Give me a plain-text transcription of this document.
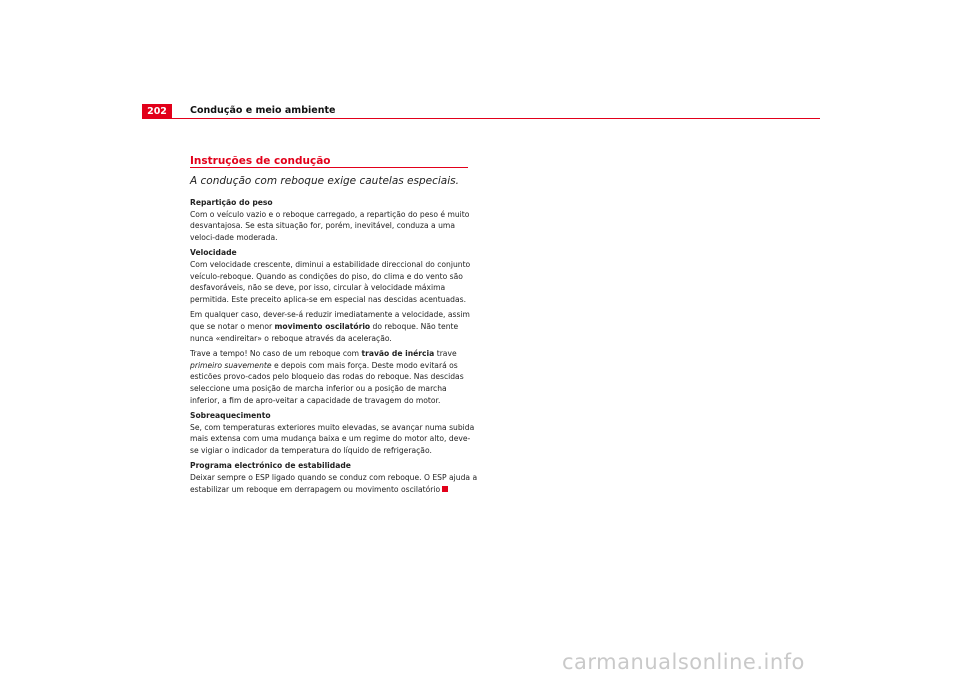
202	Condução e meio ambiente
Instruções de condução
A condução com reboque exige cautelas especiais.

Repartição do peso

Com o veículo vazio e o reboque carregado, a repartição do peso é muito desvantajosa. Se esta situação for, porém, inevitável, conduza a uma veloci-dade moderada.

Velocidade

Com velocidade crescente, diminui a estabilidade direccional do conjunto veículo-reboque. Quando as condições do piso, do clima e do vento são desfavoráveis, não se deve, por isso, circular à velocidade máxima permitida. Este preceito aplica-se em especial nas descidas acentuadas.

Em qualquer caso, dever-se-á reduzir imediatamente a velocidade, assim que se notar o menor movimento oscilatório do reboque. Não tente nunca «endireitar» o reboque através da aceleração.

Trave a tempo! No caso de um reboque com travão de inércia trave primeiro suavemente e depois com mais força. Deste modo evitará os esticões provo-cados pelo bloqueio das rodas do reboque. Nas descidas seleccione uma posição de marcha inferior ou a posição de marcha inferior, a fim de apro-veitar a capacidade de travagem do motor.

Sobreaquecimento

Se, com temperaturas exteriores muito elevadas, se avançar numa subida mais extensa com uma mudança baixa e um regime do motor alto, deve-se vigiar o indicador da temperatura do líquido de refrigeração.

Programa electrónico de estabilidade

Deixar sempre o ESP ligado quando se conduz com reboque. O ESP ajuda a estabilizar um reboque em derrapagem ou movimento oscilatório

carmanualsonline.info
